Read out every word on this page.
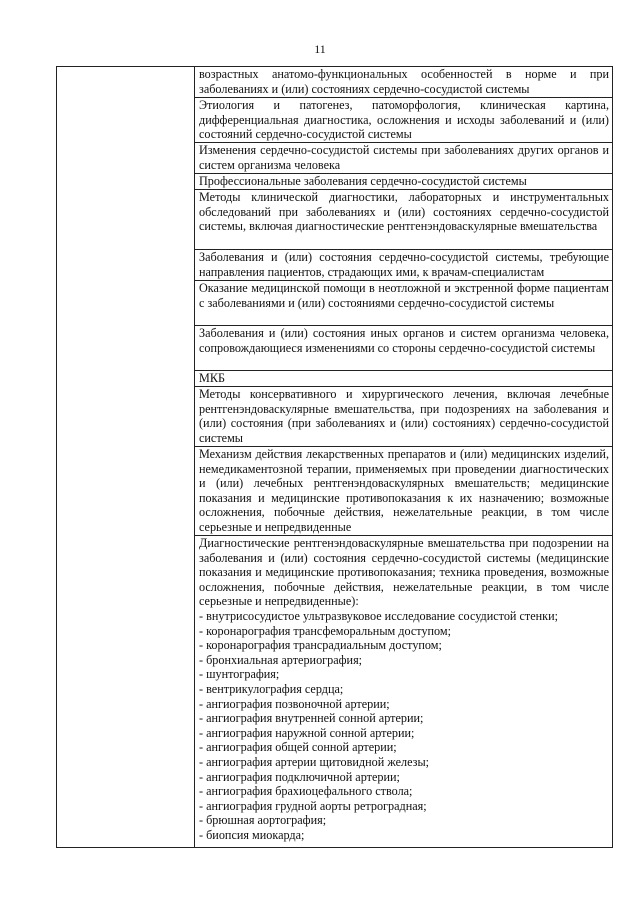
11
возрастных анатомо-функциональных особенностей в норме и при заболеваниях и (или) состояниях сердечно-сосудистой системы
Этиология и патогенез, патоморфология, клиническая картина, дифференциальная диагностика, осложнения и исходы заболеваний и (или) состояний сердечно-сосудистой системы
Изменения сердечно-сосудистой системы при заболеваниях других органов и систем организма человека
Профессиональные заболевания сердечно-сосудистой системы
Методы клинической диагностики, лабораторных и инструментальных обследований при заболеваниях и (или) состояниях сердечно-сосудистой системы, включая диагностические рентгенэндоваскулярные вмешательства
Заболевания и (или) состояния сердечно-сосудистой системы, требующие направления пациентов, страдающих ими, к врачам-специалистам
Оказание медицинской помощи в неотложной и экстренной форме пациентам с заболеваниями и (или) состояниями сердечно-сосудистой системы
Заболевания и (или) состояния иных органов и систем организма человека, сопровождающиеся изменениями со стороны сердечно-сосудистой системы
МКБ
Методы консервативного и хирургического лечения, включая лечебные рентгенэндоваскулярные вмешательства, при подозрениях на заболевания и (или) состояния (при заболеваниях и (или) состояниях) сердечно-сосудистой системы
Механизм действия лекарственных препаратов и (или) медицинских изделий, немедикаментозной терапии, применяемых при проведении диагностических и (или) лечебных рентгенэндоваскулярных вмешательств; медицинские показания и медицинские противопоказания к их назначению; возможные осложнения, побочные действия, нежелательные реакции, в том числе серьезные и непредвиденные
Диагностические рентгенэндоваскулярные вмешательства при подозрении на заболевания и (или) состояния сердечно-сосудистой системы (медицинские показания и медицинские противопоказания; техника проведения, возможные осложнения, побочные действия, нежелательные реакции, в том числе серьезные и непредвиденные):
- внутрисосудистое ультразвуковое исследование сосудистой стенки;
- коронарография трансфеморальным доступом;
- коронарография трансрадиальным доступом;
- бронхиальная артериография;
- шунтография;
- вентрикулография сердца;
- ангиография позвоночной артерии;
- ангиография внутренней сонной артерии;
- ангиография наружной сонной артерии;
- ангиография общей сонной артерии;
- ангиография артерии щитовидной железы;
- ангиография подключичной артерии;
- ангиография брахиоцефального ствола;
- ангиография грудной аорты ретроградная;
- брюшная аортография;
- биопсия миокарда;
